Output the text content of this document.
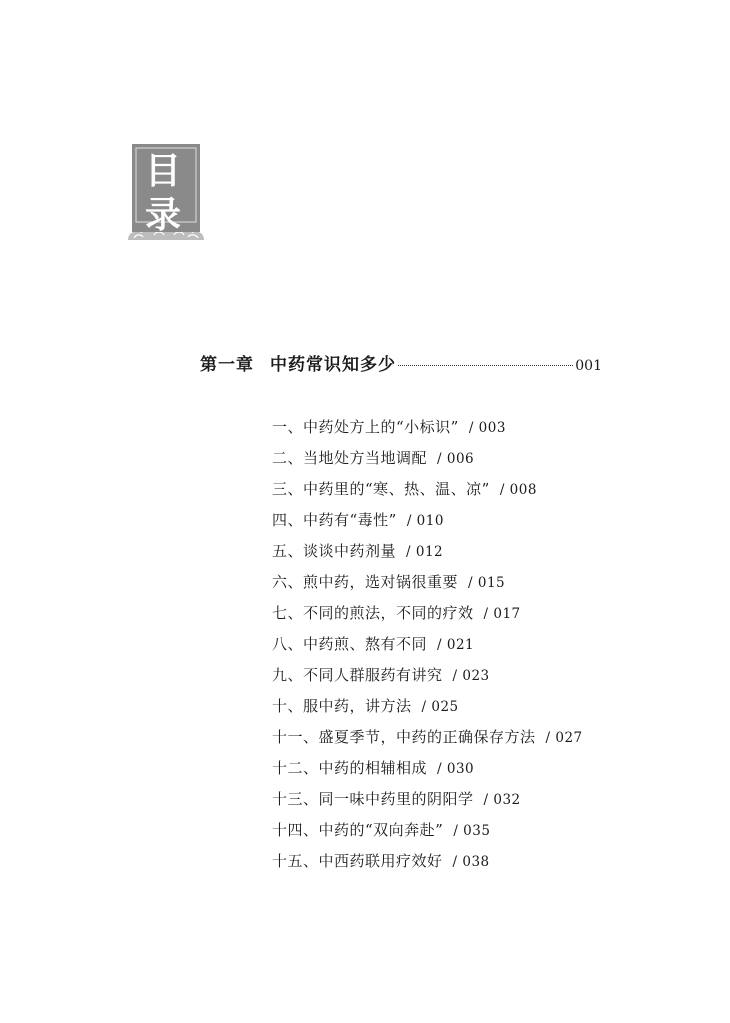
目
录
第一章 中药常识知多少	001
一、中药处方上的“小标识” / 003
二、当地处方当地调配 / 006
三、中药里的“寒、热、温、凉” / 008
四、中药有“毒性” / 010
五、谈谈中药剂量 / 012
六、煎中药，选对锅很重要 / 015
七、不同的煎法，不同的疗效 / 017
八、中药煎、熬有不同 / 021
九、不同人群服药有讲究 / 023
十、服中药，讲方法 / 025
十一、盛夏季节，中药的正确保存方法 / 027
十二、中药的相辅相成 / 030
十三、同一味中药里的阴阳学 / 032
十四、中药的“双向奔赴” / 035
十五、中西药联用疗效好 / 038
